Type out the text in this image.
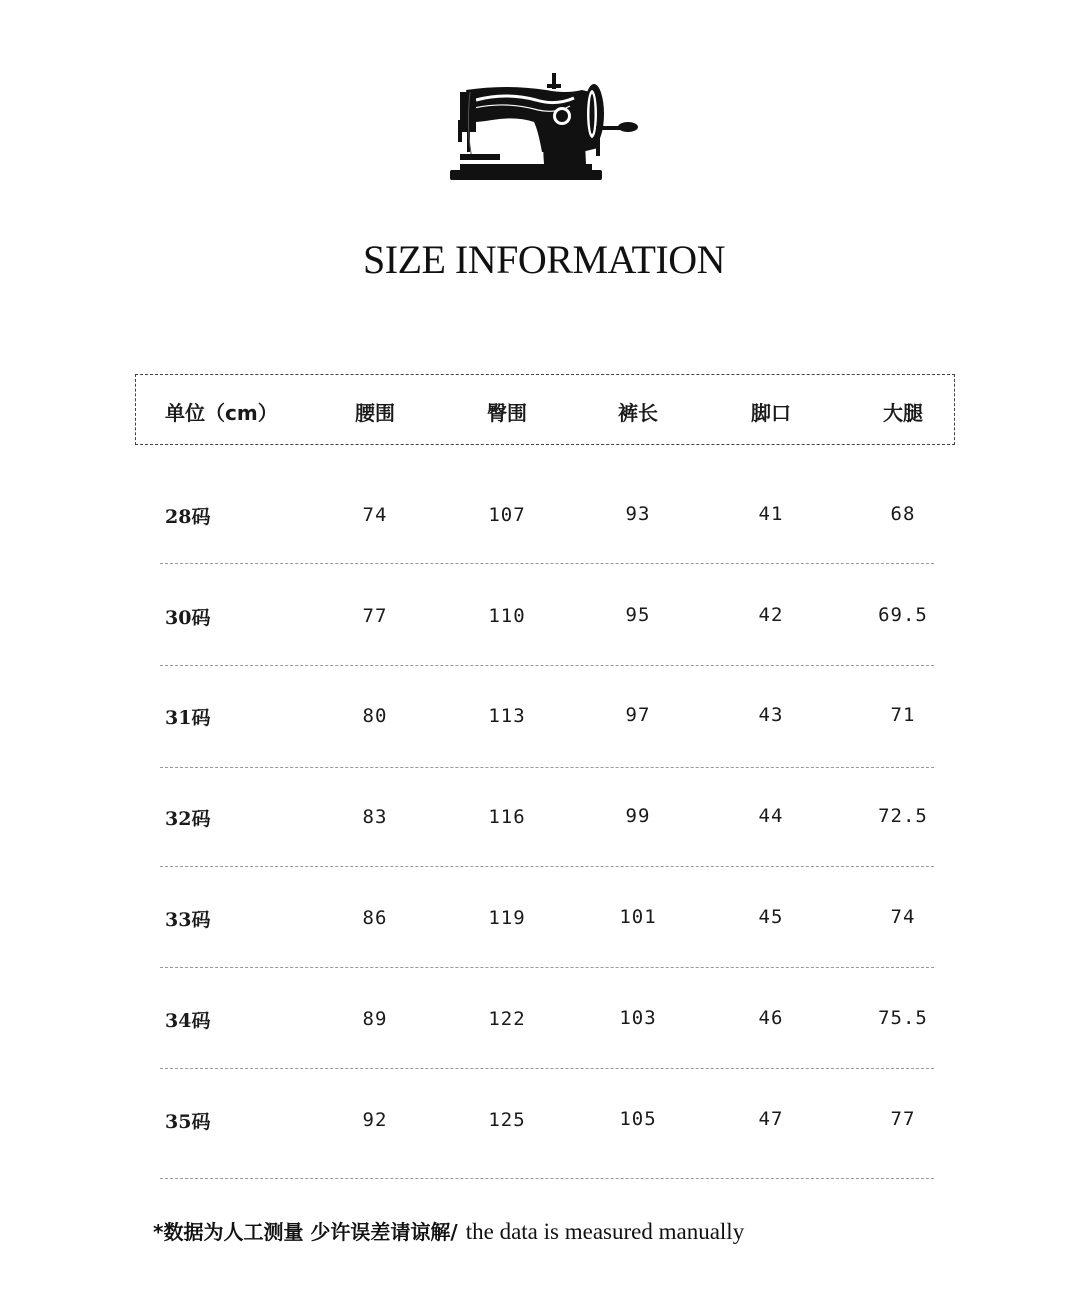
SIZE INFORMATION
单位（cm）	腰围	臀围	裤长	脚口	大腿
28码	74	107	93	41	68
30码	77	110	95	42	69.5
31码	80	113	97	43	71
32码	83	116	99	44	72.5
33码	86	119	101	45	74
34码	89	122	103	46	75.5
35码	92	125	105	47	77
*数据为人工测量 少许误差请谅解/ the data is measured manually
